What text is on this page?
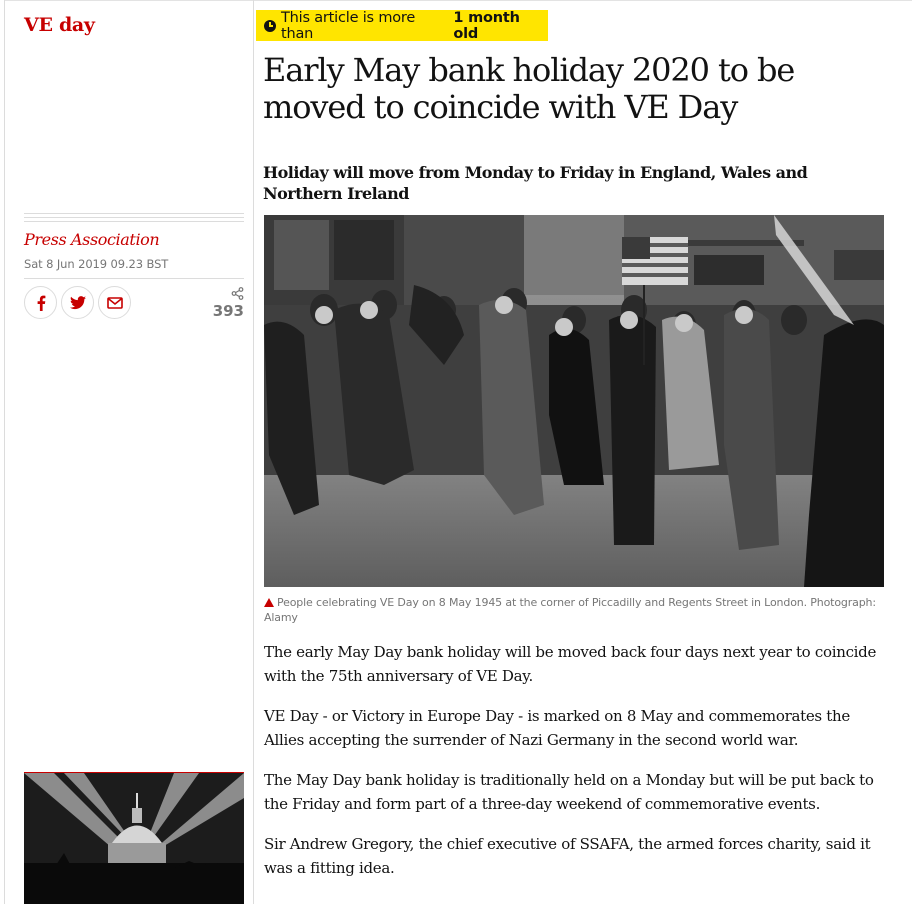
VE day	This article is more than
1 month old
Early May bank holiday 2020 to be moved to coincide with VE Day
Holiday will move from Monday to Friday in England, Wales and Northern Ireland
Press Association
Sat 8 Jun 2019 09.23 BST
393
People celebrating VE Day on 8 May 1945 at the corner of Piccadilly and Regents Street in London. Photograph: Alamy

The early May Day bank holiday will be moved back four days next year to coincide with the 75th anniversary of VE Day.

VE Day - or Victory in Europe Day - is marked on 8 May and commemorates the Allies accepting the surrender of Nazi Germany in the second world war.

The May Day bank holiday is traditionally held on a Monday but will be put back to the Friday and form part of a three-day weekend of commemorative events.

Sir Andrew Gregory, the chief executive of SSAFA, the armed forces charity, said it was a fitting idea.
